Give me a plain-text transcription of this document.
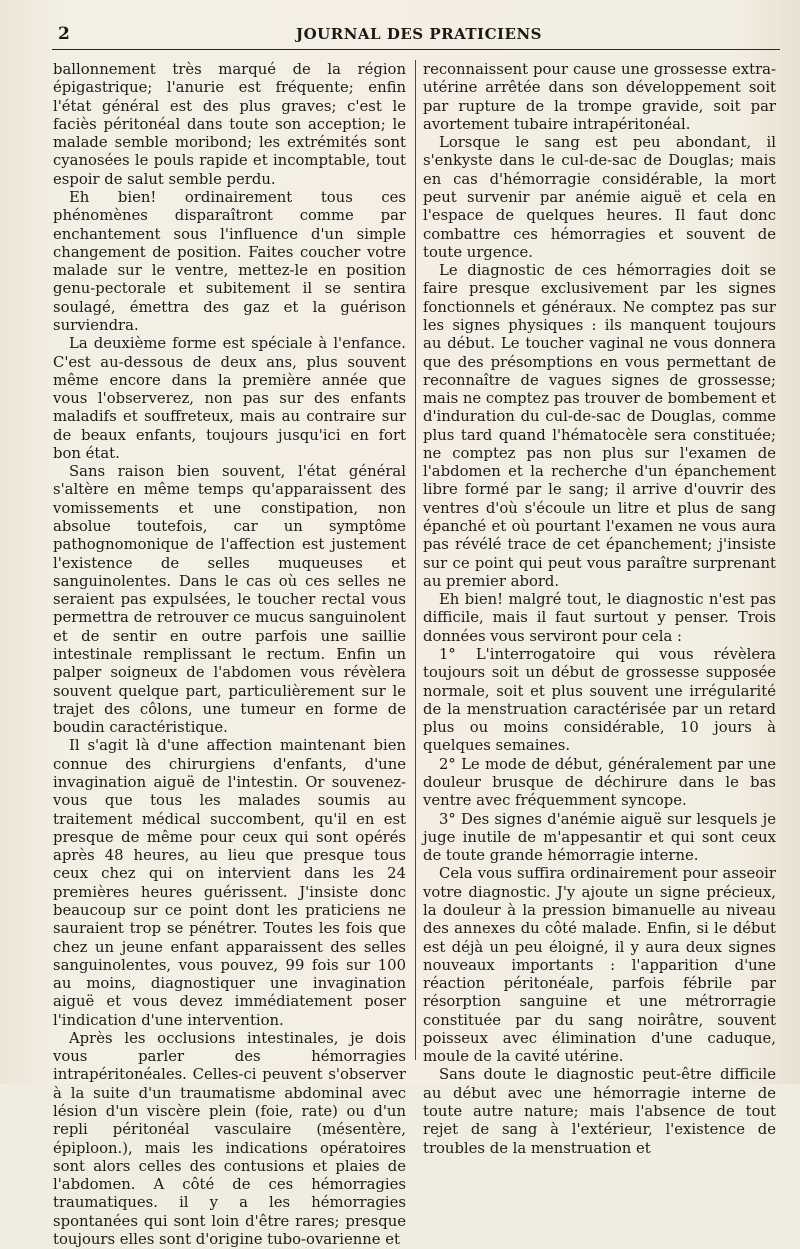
2	JOURNAL DES PRATICIENS

ballonnement très marqué de la région épigastrique; l'anurie est fréquente; enfin l'état général est des plus graves; c'est le faciès péritonéal dans toute son acception; le malade semble moribond; les extrémités sont cyanosées le pouls rapide et incomptable, tout espoir de salut semble perdu.

Eh bien! ordinairement tous ces phénomènes disparaîtront comme par enchantement sous l'influence d'un simple changement de position. Faites coucher votre malade sur le ventre, mettez-le en position genu-pectorale et subitement il se sentira soulagé, émettra des gaz et la guérison surviendra.

La deuxième forme est spéciale à l'enfance. C'est au-dessous de deux ans, plus souvent même encore dans la première année que vous l'observerez, non pas sur des enfants maladifs et souffreteux, mais au contraire sur de beaux enfants, toujours jusqu'ici en fort bon état.

Sans raison bien souvent, l'état général s'altère en même temps qu'apparaissent des vomissements et une constipation, non absolue toutefois, car un symptôme pathognomonique de l'affection est justement l'existence de selles muqueuses et sanguinolentes. Dans le cas où ces selles ne seraient pas expulsées, le toucher rectal vous permettra de retrouver ce mucus sanguinolent et de sentir en outre parfois une saillie intestinale remplissant le rectum. Enfin un palper soigneux de l'abdomen vous révèlera souvent quelque part, particulièrement sur le trajet des côlons, une tumeur en forme de boudin caractéristique.

Il s'agit là d'une affection maintenant bien connue des chirurgiens d'enfants, d'une invagination aiguë de l'intestin. Or souvenez-vous que tous les malades soumis au traitement médical succombent, qu'il en est presque de même pour ceux qui sont opérés après 48 heures, au lieu que presque tous ceux chez qui on intervient dans les 24 premières heures guérissent. J'insiste donc beaucoup sur ce point dont les praticiens ne sauraient trop se pénétrer. Toutes les fois que chez un jeune enfant apparaissent des selles sanguinolentes, vous pouvez, 99 fois sur 100 au moins, diagnostiquer une invagination aiguë et vous devez immédiatement poser l'indication d'une intervention.

Après les occlusions intestinales, je dois vous parler des hémorragies intrapéritonéales. Celles-ci peuvent s'observer à la suite d'un traumatisme abdominal avec lésion d'un viscère plein (foie, rate) ou d'un repli péritonéal vasculaire (mésentère, épiploon.), mais les indications opératoires sont alors celles des contusions et plaies de l'abdomen. A côté de ces hémorragies traumatiques. il y a les hémorragies spontanées qui sont loin d'être rares; presque toujours elles sont d'origine tubo-ovarienne et

reconnaissent pour cause une grossesse extra-utérine arrêtée dans son développement soit par rupture de la trompe gravide, soit par avortement tubaire intrapéritonéal.

Lorsque le sang est peu abondant, il s'enkyste dans le cul-de-sac de Douglas; mais en cas d'hémorragie considérable, la mort peut survenir par anémie aiguë et cela en l'espace de quelques heures. Il faut donc combattre ces hémorragies et souvent de toute urgence.

Le diagnostic de ces hémorragies doit se faire presque exclusivement par les signes fonctionnels et généraux. Ne comptez pas sur les signes physiques : ils manquent toujours au début. Le toucher vaginal ne vous donnera que des présomptions en vous permettant de reconnaître de vagues signes de grossesse; mais ne comptez pas trouver de bombement et d'induration du cul-de-sac de Douglas, comme plus tard quand l'hématocèle sera constituée; ne comptez pas non plus sur l'examen de l'abdomen et la recherche d'un épanchement libre formé par le sang; il arrive d'ouvrir des ventres d'où s'écoule un litre et plus de sang épanché et où pourtant l'examen ne vous aura pas révélé trace de cet épanchement; j'insiste sur ce point qui peut vous paraître surprenant au premier abord.

Eh bien! malgré tout, le diagnostic n'est pas difficile, mais il faut surtout y penser. Trois données vous serviront pour cela :

1° L'interrogatoire qui vous révèlera toujours soit un début de grossesse supposée normale, soit et plus souvent une irrégularité de la menstruation caractérisée par un retard plus ou moins considérable, 10 jours à quelques semaines.

2° Le mode de début, généralement par une douleur brusque de déchirure dans le bas ventre avec fréquemment syncope.

3° Des signes d'anémie aiguë sur lesquels je juge inutile de m'appesantir et qui sont ceux de toute grande hémorragie interne.

Cela vous suffira ordinairement pour asseoir votre diagnostic. J'y ajoute un signe précieux, la douleur à la pression bimanuelle au niveau des annexes du côté malade. Enfin, si le début est déjà un peu éloigné, il y aura deux signes nouveaux importants : l'apparition d'une réaction péritonéale, parfois fébrile par résorption sanguine et une métrorragie constituée par du sang noirâtre, souvent poisseux avec élimination d'une caduque, moule de la cavité utérine.

Sans doute le diagnostic peut-être difficile au début avec une hémorragie interne de toute autre nature; mais l'absence de tout rejet de sang à l'extérieur, l'existence de troubles de la menstruation et
